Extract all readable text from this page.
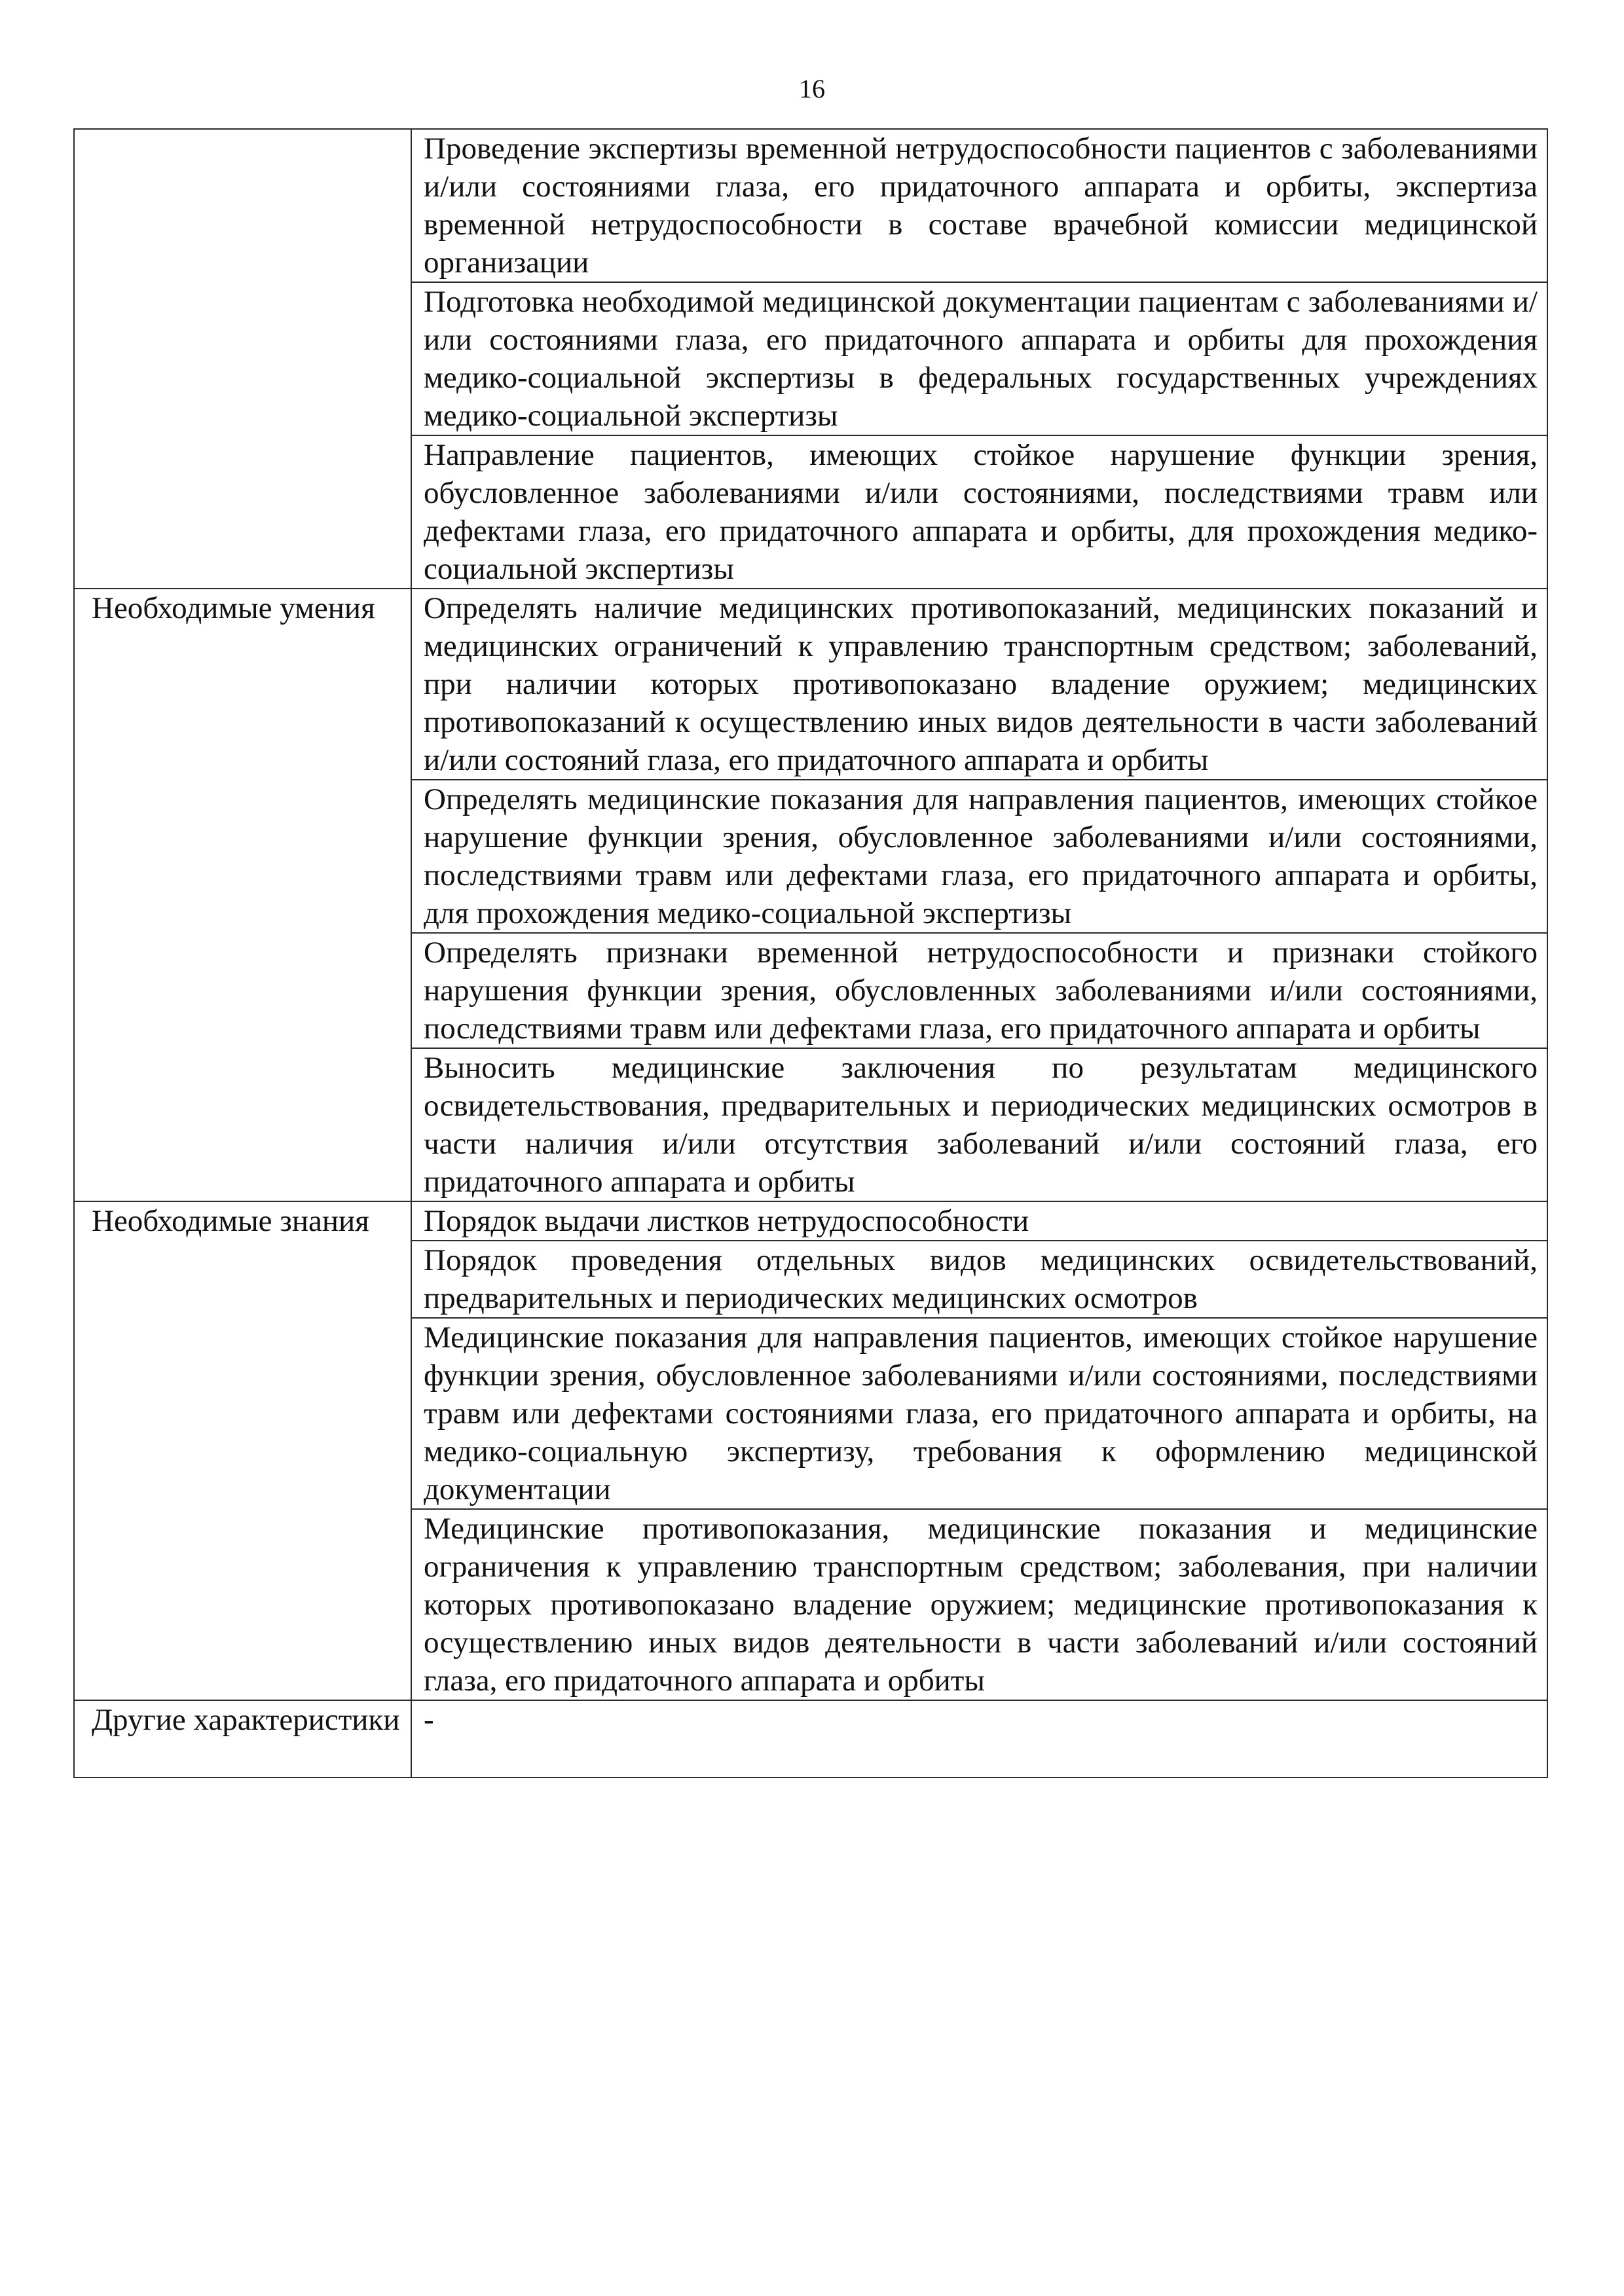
16
	Проведение экспертизы временной нетрудоспособности пациентов с заболеваниями и/или состояниями глаза, его придаточного аппарата и орбиты, экспертиза временной нетрудоспособности в составе врачебной комиссии медицинской организации
	Подготовка необходимой медицинской документации пациентам с заболеваниями и/или состояниями глаза, его придаточного аппарата и орбиты для прохождения медико-социальной экспертизы в федеральных государственных учреждениях медико-социальной экспертизы
	Направление пациентов, имеющих стойкое нарушение функции зрения, обусловленное заболеваниями и/или состояниями, последствиями травм или дефектами глаза, его придаточного аппарата и орбиты, для прохождения медико-социальной экспертизы
Необходимые умения	Определять наличие медицинских противопоказаний, медицинских показаний и медицинских ограничений к управлению транспортным средством; заболеваний, при наличии которых противопоказано владение оружием; медицинских противопоказаний к осуществлению иных видов деятельности в части заболеваний и/или состояний глаза, его придаточного аппарата и орбиты
	Определять медицинские показания для направления пациентов, имеющих стойкое нарушение функции зрения, обусловленное заболеваниями и/или состояниями, последствиями травм или дефектами глаза, его придаточного аппарата и орбиты, для прохождения медико-социальной экспертизы
	Определять признаки временной нетрудоспособности и признаки стойкого нарушения функции зрения, обусловленных заболеваниями и/или состояниями, последствиями травм или дефектами глаза, его придаточного аппарата и орбиты
	Выносить медицинские заключения по результатам медицинского освидетельствования, предварительных и периодических медицинских осмотров в части наличия и/или отсутствия заболеваний и/или состояний глаза, его придаточного аппарата и орбиты
Необходимые знания	Порядок выдачи листков нетрудоспособности
	Порядок проведения отдельных видов медицинских освидетельствований, предварительных и периодических медицинских осмотров
	Медицинские показания для направления пациентов, имеющих стойкое нарушение функции зрения, обусловленное заболеваниями и/или состояниями, последствиями травм или дефектами состояниями глаза, его придаточного аппарата и орбиты, на медико-социальную экспертизу, требования к оформлению медицинской документации
	Медицинские противопоказания, медицинские показания и медицинские ограничения к управлению транспортным средством; заболевания, при наличии которых противопоказано владение оружием; медицинские противопоказания к осуществлению иных видов деятельности в части заболеваний и/или состояний глаза, его придаточного аппарата и орбиты
Другие характеристики	-
